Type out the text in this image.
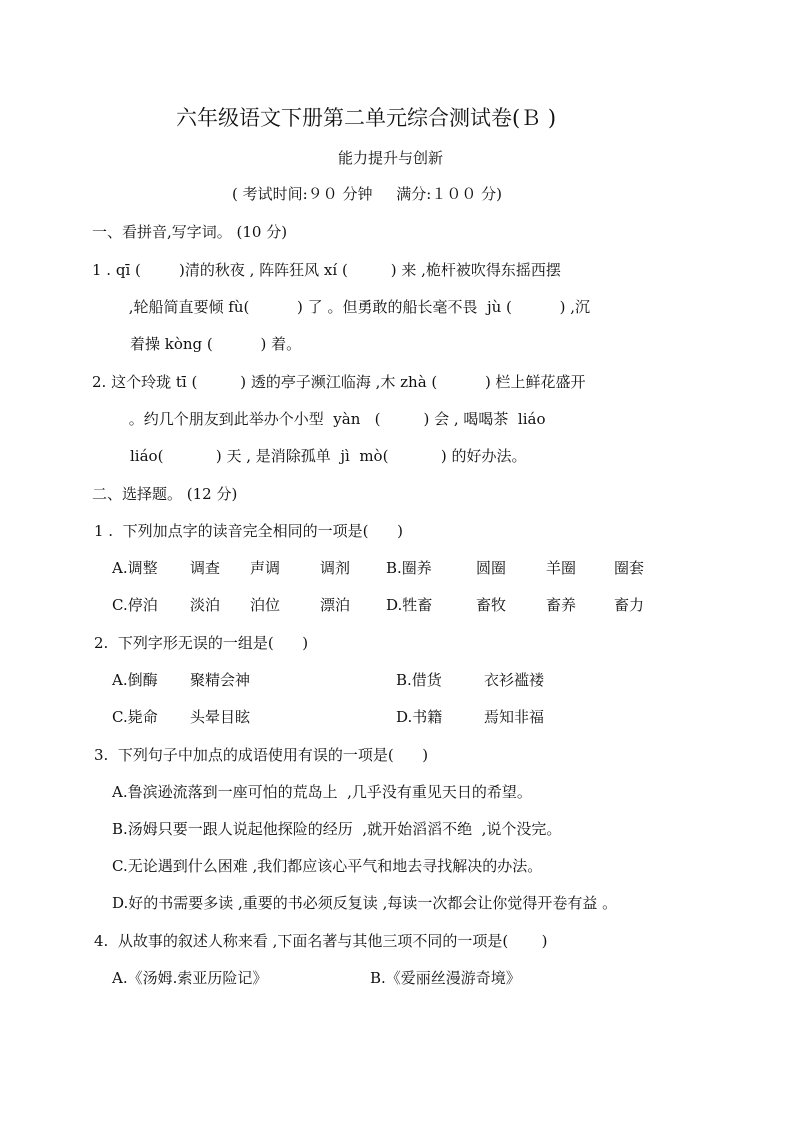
六年级语文下册第二单元综合测试卷(Ｂ )
能力提升与创新
( 考试时间:９０ 分钟     满分:１００ 分)
一、看拼音,写字词。 (10 分)
1 . qī (        )清的秋夜 , 阵阵狂风 xí (         ) 来 ,桅杆被吹得东摇西摆
,轮船简直要倾 fù(          ) 了 。但勇敢的船长毫不畏  jù (          ) ,沉
着操 kòng (          ) 着。
2. 这个玲珑 tī (         ) 透的亭子濒江临海 ,木 zhà (          ) 栏上鲜花盛开
。约几个朋友到此举办个小型  yàn   (         ) 会 , 喝喝茶  liáo
liáo(           ) 天 , 是消除孤单  jì  mò(           ) 的好办法。
二、选择题。 (12 分)
1 .  下列加点字的读音完全相同的一项是(      )
A.调整 调查 声调	调剂 B.圈养	圆圈	羊圈	圈套
C.停泊 淡泊 泊位	漂泊 D.牲畜	畜牧	畜养	畜力
2.  下列字形无误的一组是(      )
A.倒酶 聚精会神	B.借货	衣衫褴褛
C.毙命 头晕目眩	D.书籍	焉知非福
3.  下列句子中加点的成语使用有误的一项是(      )
A.鲁滨逊流落到一座可怕的荒岛上  ,几乎没有重见天日的希望。
B.汤姆只要一跟人说起他探险的经历  ,就开始滔滔不绝  ,说个没完。
C.无论遇到什么困难 ,我们都应该心平气和地去寻找解决的办法。
D.好的书需要多读 ,重要的书必须反复读 ,每读一次都会让你觉得开卷有益 。
4.  从故事的叙述人称来看 ,下面名著与其他三项不同的一项是(       )
A.《汤姆.索亚历险记》	B.《爱丽丝漫游奇境》
